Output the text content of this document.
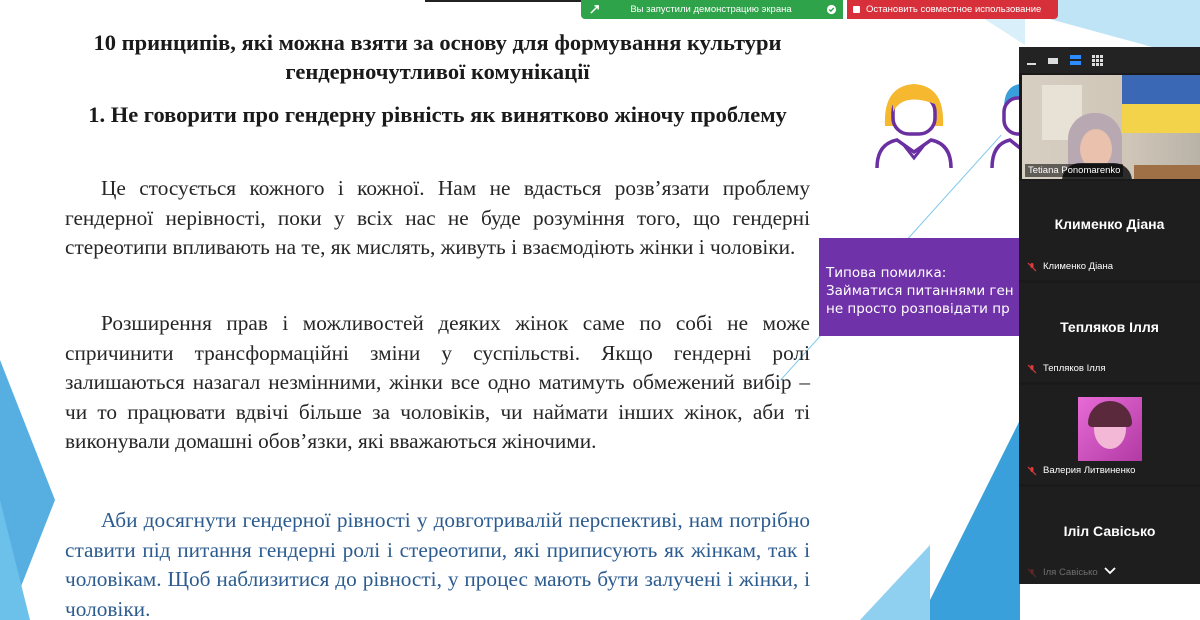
Вы запустили демонстрацию экрана	Остановить совместное использование
10 принципів, які можна взяти за основу для формування культури гендерночутливої комунікації
1. Не говорити про гендерну рівність як винятково жіночу проблему
Це стосується кожного і кожної. Нам не вдасться розв’язати проблему гендерної нерівності, поки у всіх нас не буде розуміння того, що гендерні стереотипи впливають на те, як мислять, живуть і взаємодіють жінки і чоловіки.
Розширення прав і можливостей деяких жінок саме по собі не може спричинити трансформаційні зміни у суспільстві. Якщо гендерні ролі залишаються назагал незмінними, жінки все одно матимуть обмежений вибір – чи то працювати вдвічі більше за чоловіків, чи наймати інших жінок, аби ті виконували домашні обов’язки, які вважаються жіночими.
Аби досягнути гендерної рівності у довготривалій перспективі, нам потрібно ставити під питання гендерні ролі і стереотипи, які приписують як жінкам, так і чоловікам. Щоб наблизитися до рівності, у процес мають бути залучені і жінки, і чоловіки.
Типова помилка:
Займатися питаннями ген
не просто розповідати пр
Tetiana Ponomarenko
Клименко Діана
Клименко Діана
Тепляков Ілля
Тепляков Ілля
Валерия Литвиненко
Іліл Савісько
Іля Савісько
